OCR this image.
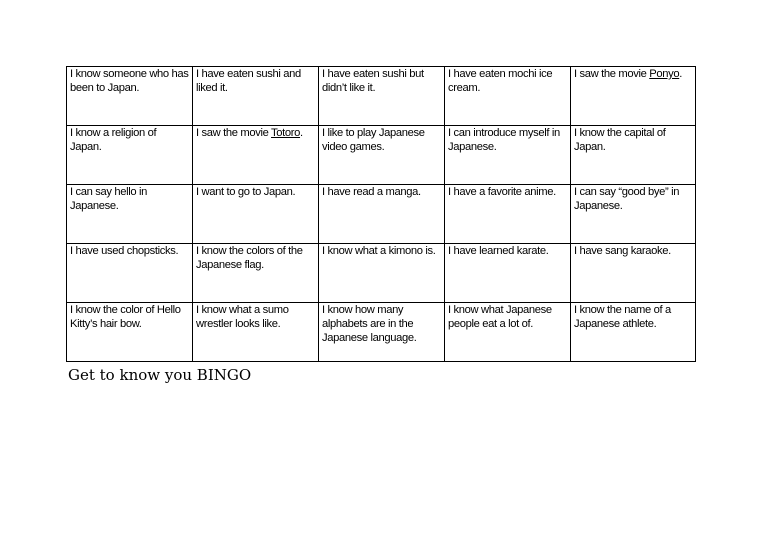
I know someone who has been to Japan.	I have eaten sushi and liked it.	I have eaten sushi but didn’t like it.	I have eaten mochi ice cream.	I saw the movie Ponyo.
I know a religion of Japan.	I saw the movie Totoro.	I like to play Japanese video games.	I can introduce myself in Japanese.	I know the capital of Japan.
I can say hello in Japanese.	I want to go to Japan.	I have read a manga.	I have a favorite anime.	I can say “good bye” in Japanese.
I have used chopsticks.	I know the colors of the Japanese flag.	I know what a kimono is.	I have learned karate.	I have sang karaoke.
I know the color of Hello Kitty’s hair bow.	I know what a sumo wrestler looks like.	I know how many alphabets are in the Japanese language.	I know what Japanese people eat a lot of.	I know the name of a Japanese athlete.

Get to know you BINGO
